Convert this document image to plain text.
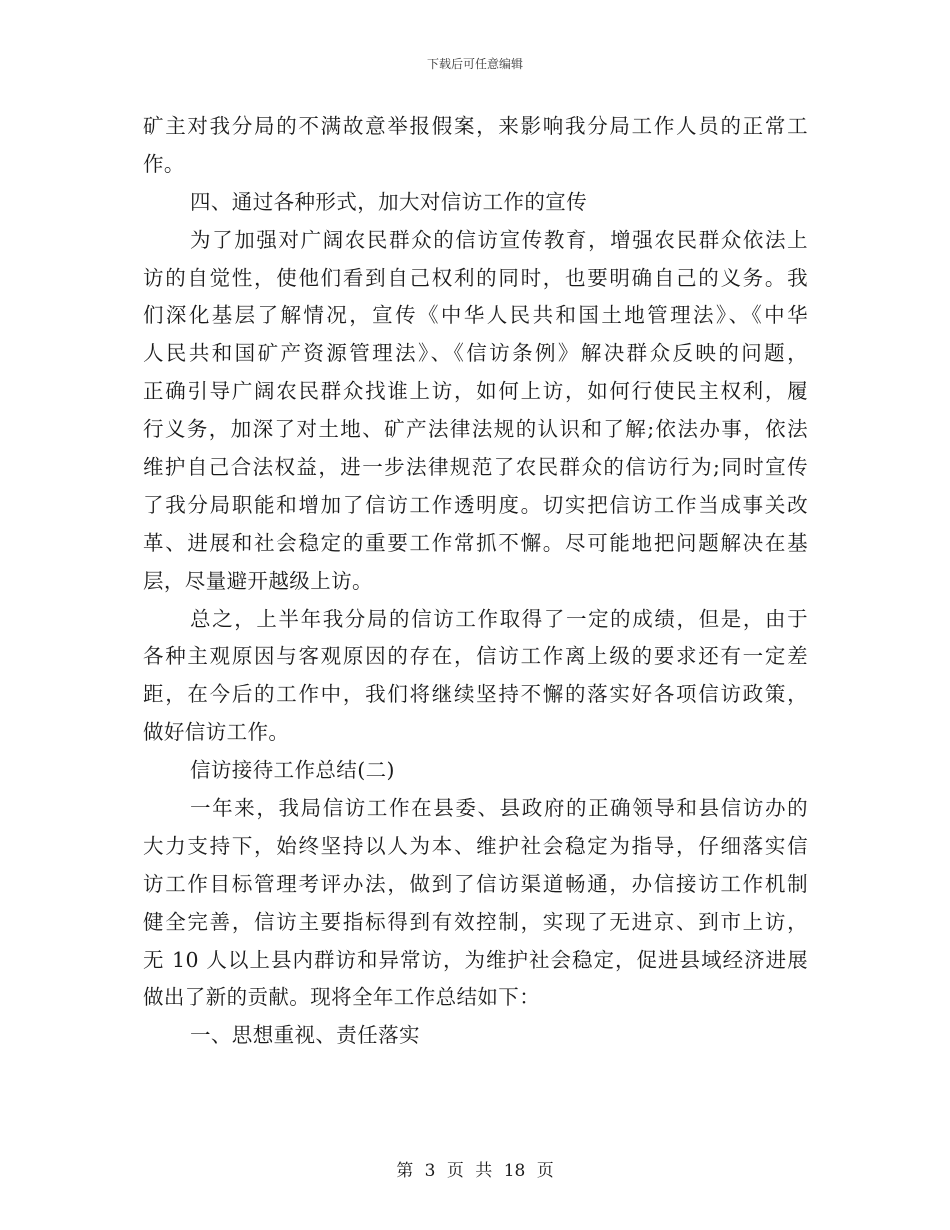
下载后可任意编辑
矿主对我分局的不满故意举报假案，来影响我分局工作人员的正常工
作。
四、通过各种形式，加大对信访工作的宣传
为了加强对广阔农民群众的信访宣传教育，增强农民群众依法上
访的自觉性，使他们看到自己权利的同时，也要明确自己的义务。我
们深化基层了解情况，宣传《中华人民共和国土地管理法》、《中华
人民共和国矿产资源管理法》、《信访条例》解决群众反映的问题，
正确引导广阔农民群众找谁上访，如何上访，如何行使民主权利，履
行义务，加深了对土地、矿产法律法规的认识和了解;依法办事，依法
维护自己合法权益，进一步法律规范了农民群众的信访行为;同时宣传
了我分局职能和增加了信访工作透明度。切实把信访工作当成事关改
革、进展和社会稳定的重要工作常抓不懈。尽可能地把问题解决在基
层，尽量避开越级上访。
总之，上半年我分局的信访工作取得了一定的成绩，但是，由于
各种主观原因与客观原因的存在，信访工作离上级的要求还有一定差
距，在今后的工作中，我们将继续坚持不懈的落实好各项信访政策，
做好信访工作。
信访接待工作总结(二)
一年来，我局信访工作在县委、县政府的正确领导和县信访办的
大力支持下，始终坚持以人为本、维护社会稳定为指导，仔细落实信
访工作目标管理考评办法，做到了信访渠道畅通，办信接访工作机制
健全完善，信访主要指标得到有效控制，实现了无进京、到市上访，
无 10 人以上县内群访和异常访，为维护社会稳定，促进县域经济进展
做出了新的贡献。现将全年工作总结如下：
一、思想重视、责任落实
第 3 页 共 18 页
